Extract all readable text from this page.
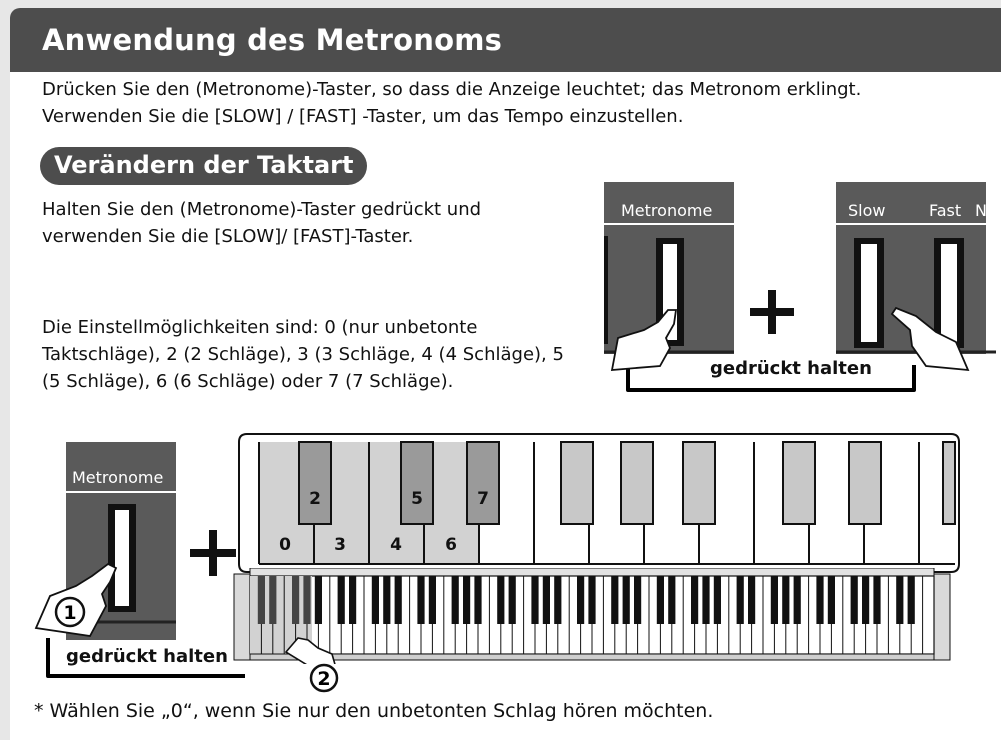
Anwendung des Metronoms

Drücken Sie den (Metronome)-Taster, so dass die Anzeige leuchtet; das Metronom erklingt.

Verwenden Sie die [SLOW] / [FAST] -Taster, um das Tempo einzustellen.

Verändern der Taktart

Halten Sie den (Metronome)-Taster gedrückt und

verwenden Sie die [SLOW]/ [FAST]-Taster.

Die Einstellmöglichkeiten sind: 0 (nur unbetonte

Taktschläge), 2 (2 Schläge), 3 (3 Schläge, 4 (4 Schläge), 5

(5 Schläge), 6 (6 Schläge) oder 7 (7 Schläge).

t Metronome	Slow	Fast N
gedrückt halten
1
Metronome
gedrückt halten
2	5	7
0	3	4	6
2
* Wählen Sie „0“, wenn Sie nur den unbetonten Schlag hören möchten.
